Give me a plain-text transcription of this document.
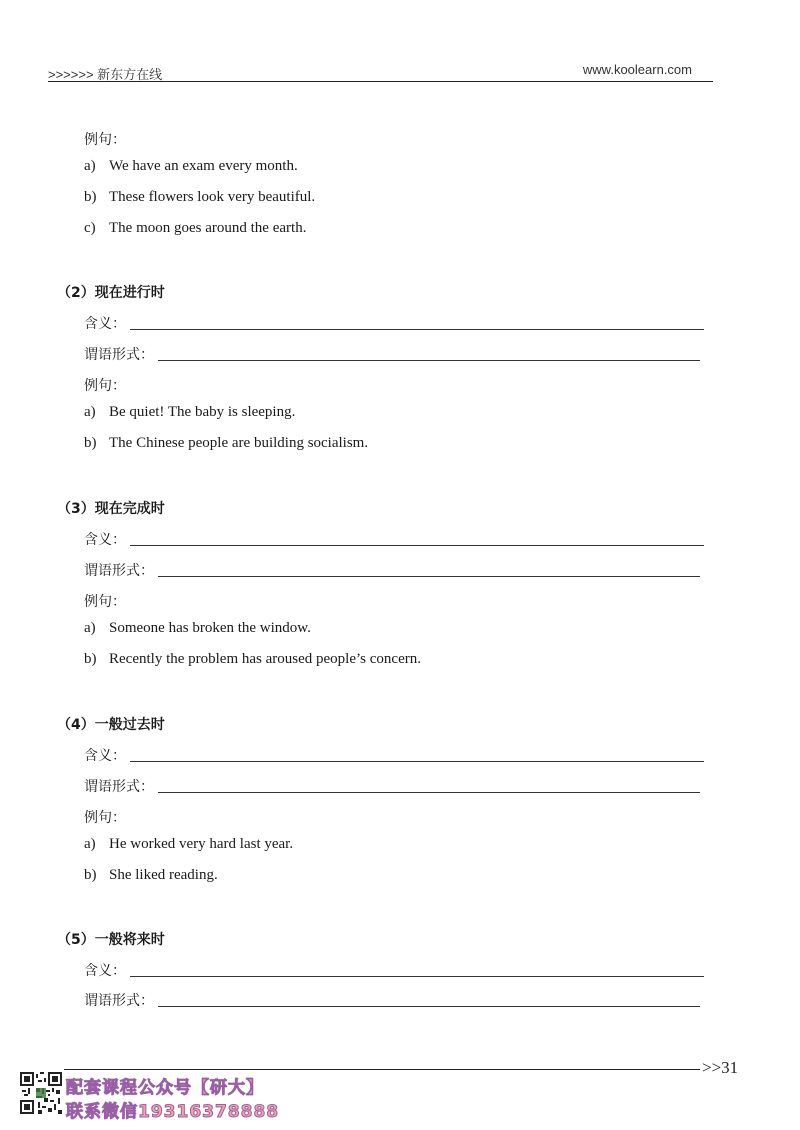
>>>>>> 新东方在线	www.koolearn.com
例句：
a) We have an exam every month.
b) These flowers look very beautiful.
c) The moon goes around the earth.
（2）现在进行时
含义：
谓语形式：
例句：
a) Be quiet! The baby is sleeping.
b) The Chinese people are building socialism.
（3）现在完成时
含义：
谓语形式：
例句：
a) Someone has broken the window.
b) Recently the problem has aroused people’s concern.
（4）一般过去时
含义：
谓语形式：
例句：
a) He worked very hard last year.
b) She liked reading.
（5）一般将来时
含义：
谓语形式：
>>31
配套课程公众号【研大】
联系微信19316378888
